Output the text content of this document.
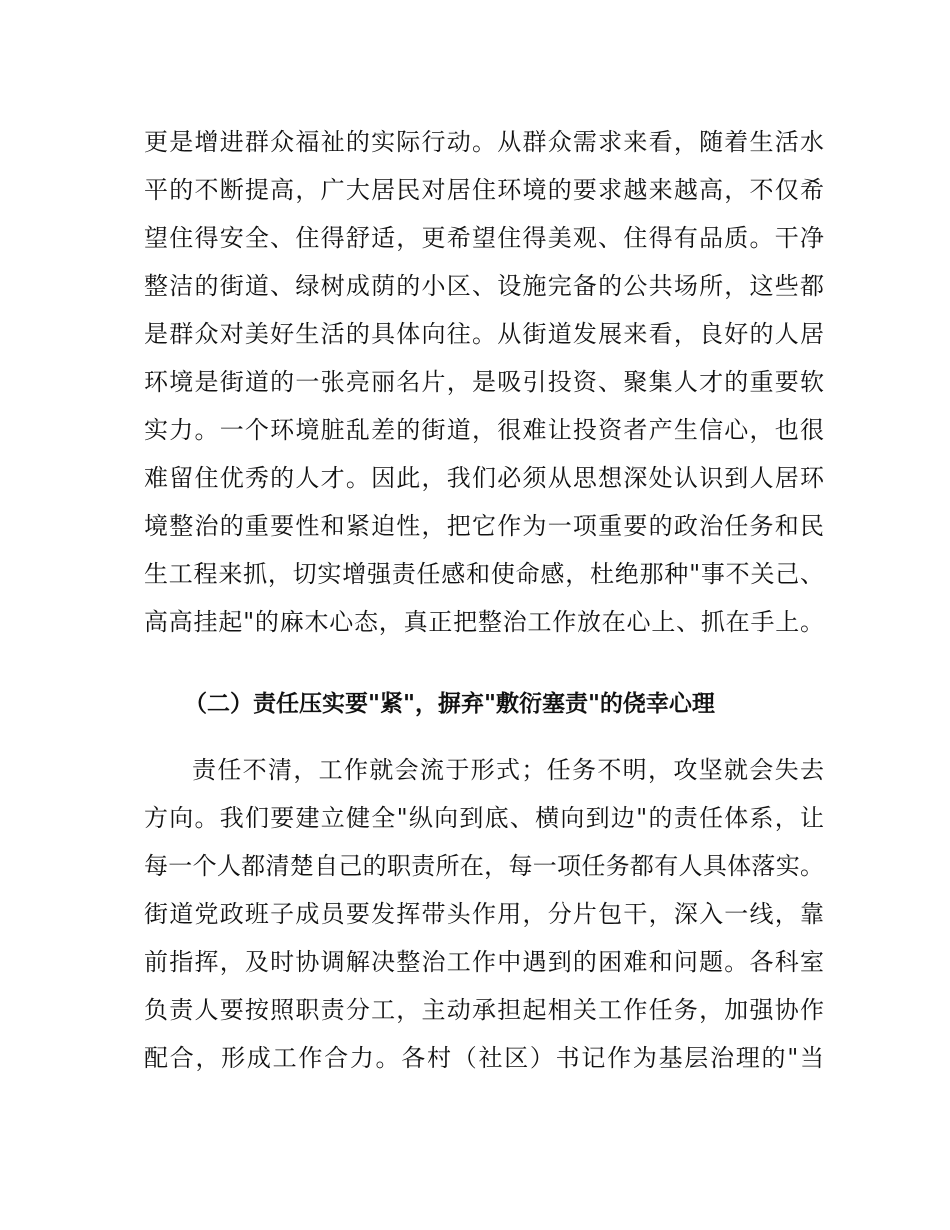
更是增进群众福祉的实际行动。从群众需求来看，随着生活水
平的不断提高，广大居民对居住环境的要求越来越高，不仅希
望住得安全、住得舒适，更希望住得美观、住得有品质。干净
整洁的街道、绿树成荫的小区、设施完备的公共场所，这些都
是群众对美好生活的具体向往。从街道发展来看，良好的人居
环境是街道的一张亮丽名片，是吸引投资、聚集人才的重要软
实力。一个环境脏乱差的街道，很难让投资者产生信心，也很
难留住优秀的人才。因此，我们必须从思想深处认识到人居环
境整治的重要性和紧迫性，把它作为一项重要的政治任务和民
生工程来抓，切实增强责任感和使命感，杜绝那种"事不关己、
高高挂起"的麻木心态，真正把整治工作放在心上、抓在手上。
（二）责任压实要"紧"，摒弃"敷衍塞责"的侥幸心理
责任不清，工作就会流于形式；任务不明，攻坚就会失去
方向。我们要建立健全"纵向到底、横向到边"的责任体系，让
每一个人都清楚自己的职责所在，每一项任务都有人具体落实。
街道党政班子成员要发挥带头作用，分片包干，深入一线，靠
前指挥，及时协调解决整治工作中遇到的困难和问题。各科室
负责人要按照职责分工，主动承担起相关工作任务，加强协作
配合，形成工作合力。各村（社区）书记作为基层治理的"当
